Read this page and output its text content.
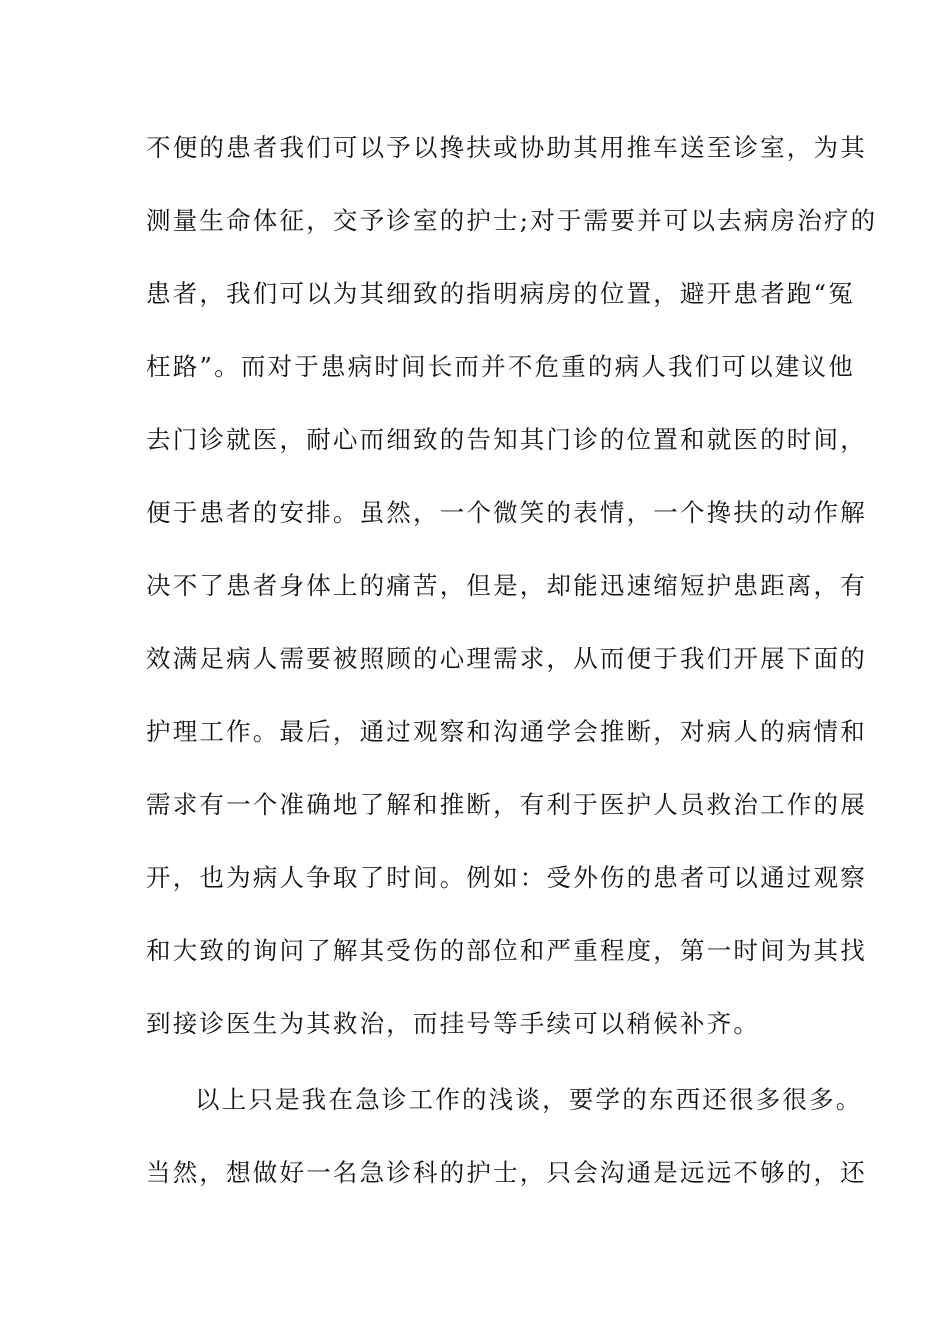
不便的患者我们可以予以搀扶或协助其用推车送至诊室，为其
测量生命体征，交予诊室的护士;对于需要并可以去病房治疗的
患者，我们可以为其细致的指明病房的位置，避开患者跑“冤
枉路”。而对于患病时间长而并不危重的病人我们可以建议他
去门诊就医，耐心而细致的告知其门诊的位置和就医的时间，
便于患者的安排。虽然，一个微笑的表情，一个搀扶的动作解
决不了患者身体上的痛苦，但是，却能迅速缩短护患距离，有
效满足病人需要被照顾的心理需求，从而便于我们开展下面的
护理工作。最后，通过观察和沟通学会推断，对病人的病情和
需求有一个准确地了解和推断，有利于医护人员救治工作的展
开，也为病人争取了时间。例如：受外伤的患者可以通过观察
和大致的询问了解其受伤的部位和严重程度，第一时间为其找
到接诊医生为其救治，而挂号等手续可以稍候补齐。
以上只是我在急诊工作的浅谈，要学的东西还很多很多。
当然，想做好一名急诊科的护士，只会沟通是远远不够的，还
